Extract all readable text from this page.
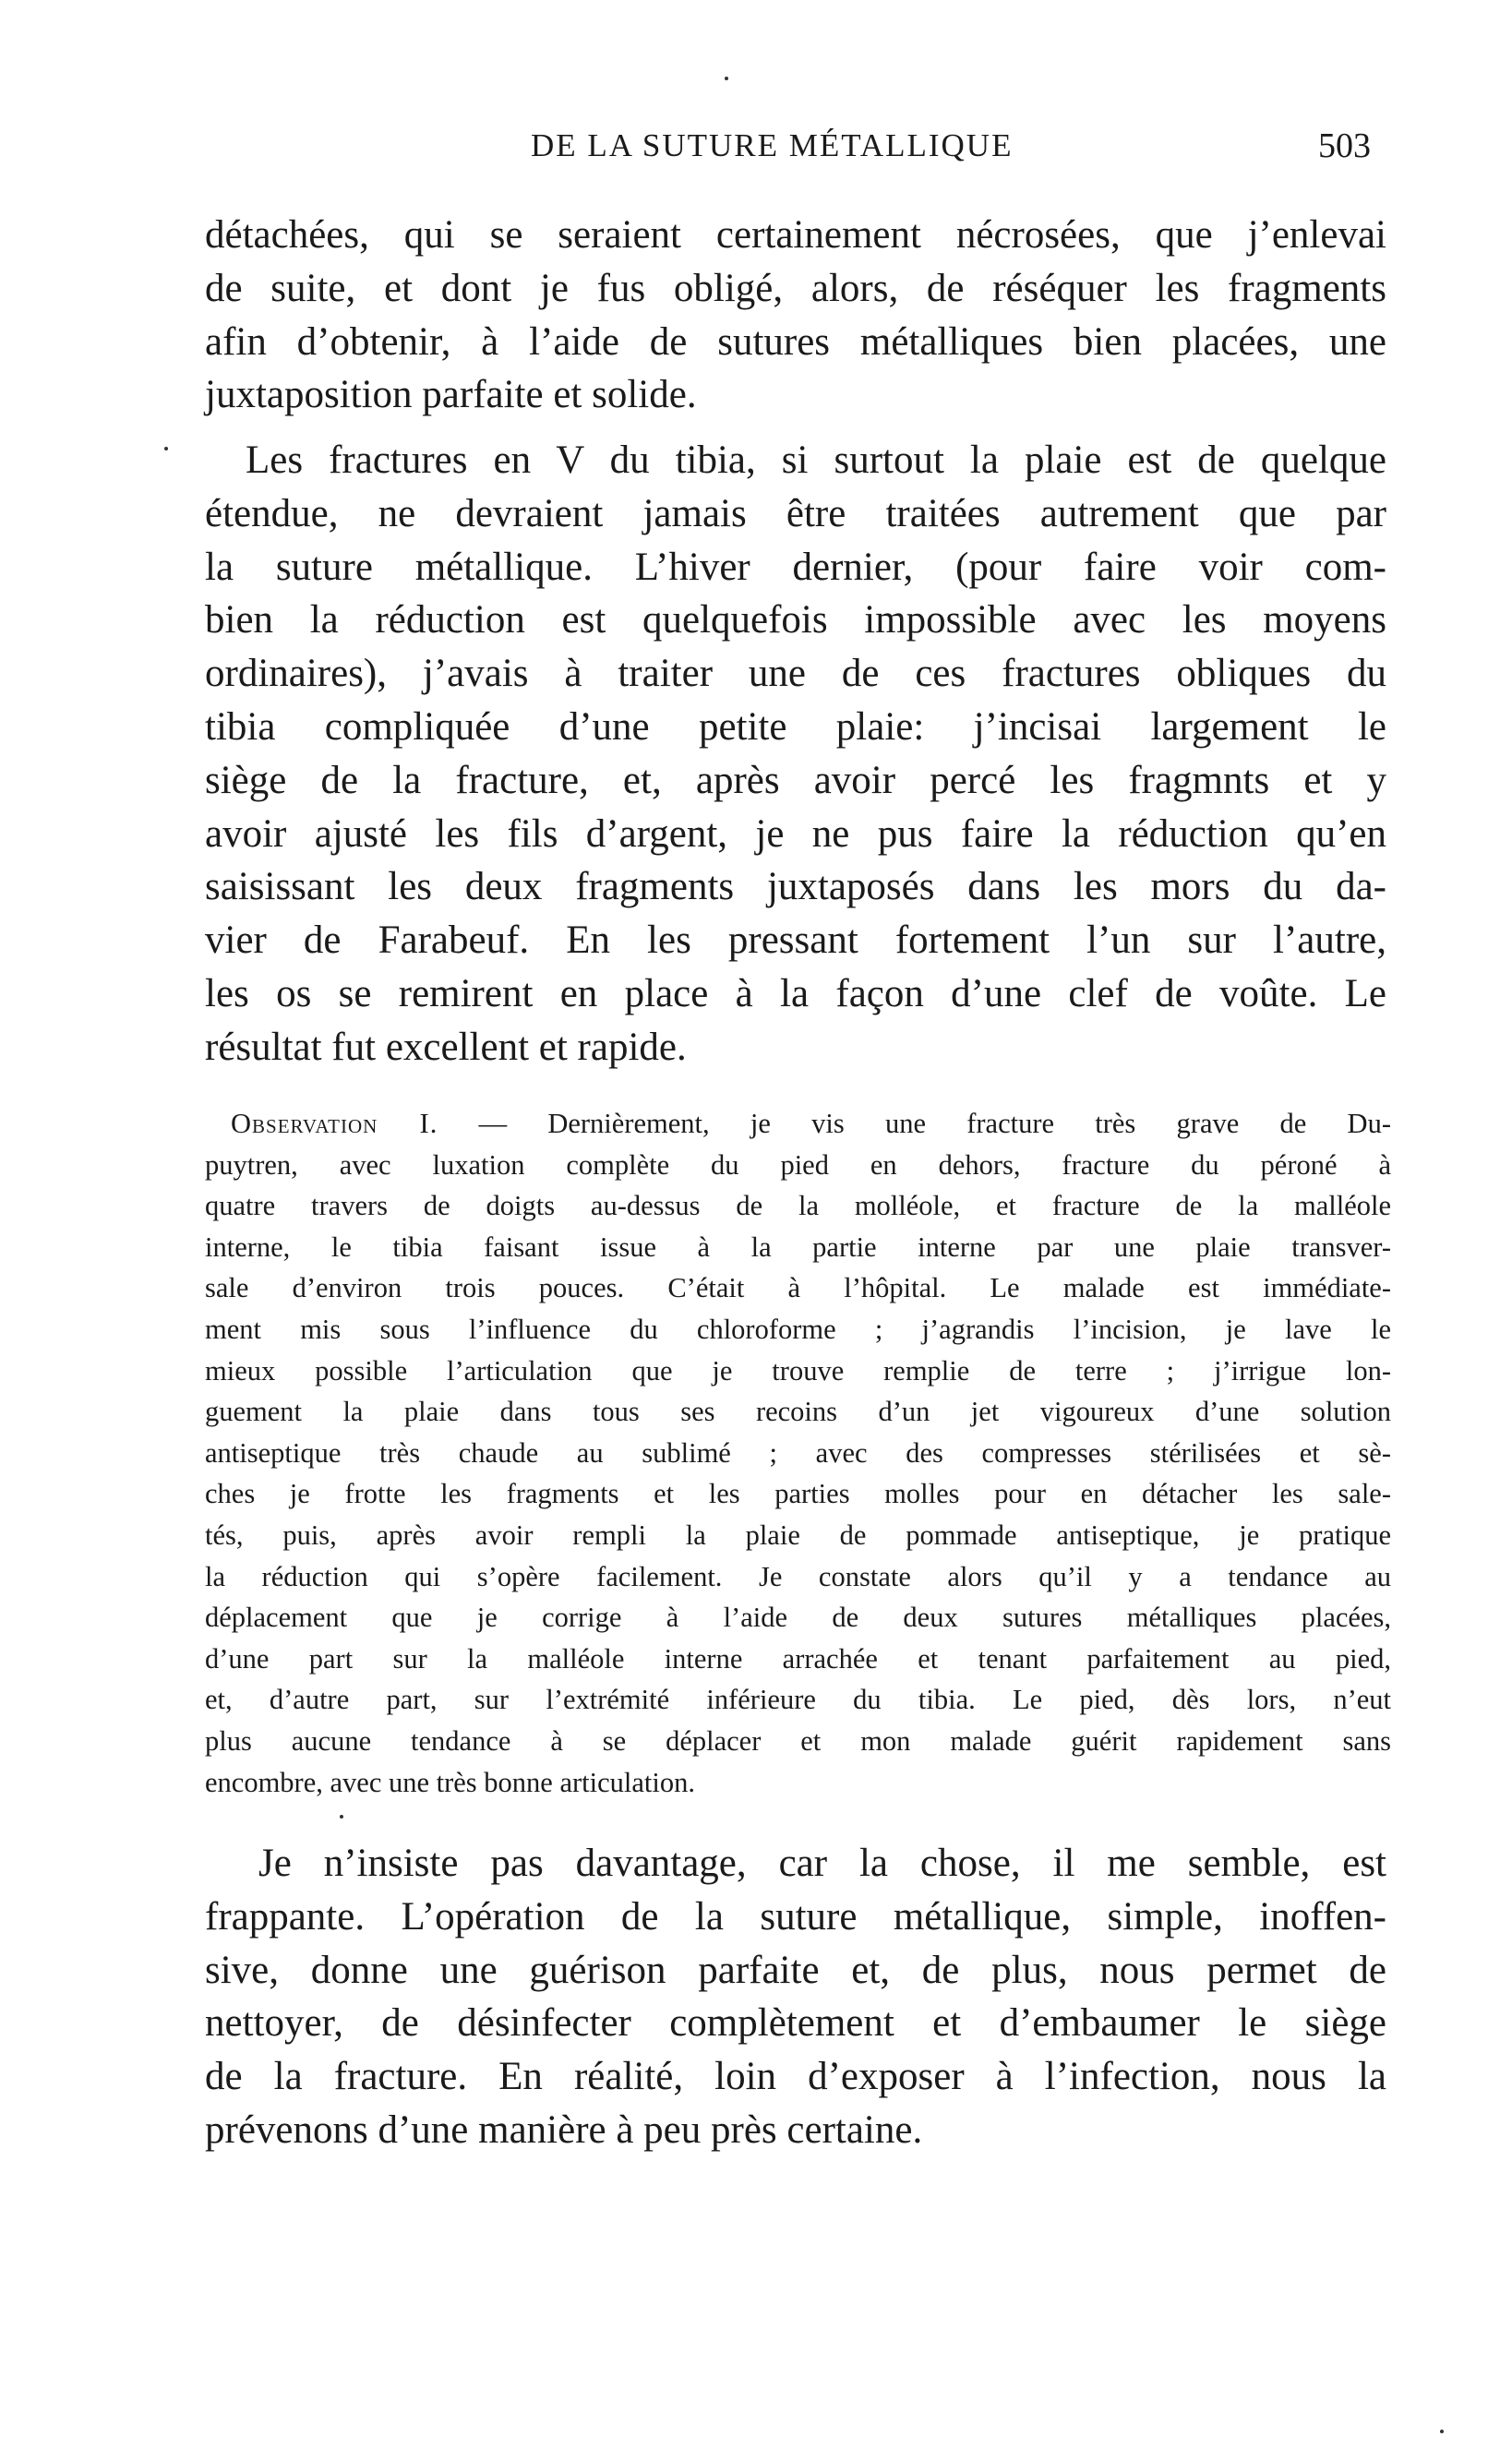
DE LA SUTURE MÉTALLIQUE	503

détachées, qui se seraient certainement nécrosées, que j’enlevai
de suite, et dont je fus obligé, alors, de réséquer les fragments
afin d’obtenir, à l’aide de sutures métalliques bien placées, une
juxtaposition parfaite et solide.

Les fractures en V du tibia, si surtout la plaie est de quelque
étendue, ne devraient jamais être traitées autrement que par
la suture métallique. L’hiver dernier, (pour faire voir com-
bien la réduction est quelquefois impossible avec les moyens
ordinaires), j’avais à traiter une de ces fractures obliques du
tibia compliquée d’une petite plaie: j’incisai largement le
siège de la fracture, et, après avoir percé les fragmnts et y
avoir ajusté les fils d’argent, je ne pus faire la réduction qu’en
saisissant les deux fragments juxtaposés dans les mors du da-
vier de Farabeuf. En les pressant fortement l’un sur l’autre,
les os se remirent en place à la façon d’une clef de voûte. Le
résultat fut excellent et rapide.

Observation I. — Dernièrement, je vis une fracture très grave de Du-
puytren, avec luxation complète du pied en dehors, fracture du péroné à
quatre travers de doigts au-dessus de la molléole, et fracture de la malléole
interne, le tibia faisant issue à la partie interne par une plaie transver-
sale d’environ trois pouces. C’était à l’hôpital. Le malade est immédiate-
ment mis sous l’influence du chloroforme ; j’agrandis l’incision, je lave le
mieux possible l’articulation que je trouve remplie de terre ; j’irrigue lon-
guement la plaie dans tous ses recoins d’un jet vigoureux d’une solution
antiseptique très chaude au sublimé ; avec des compresses stérilisées et sè-
ches je frotte les fragments et les parties molles pour en détacher les sale-
tés, puis, après avoir rempli la plaie de pommade antiseptique, je pratique
la réduction qui s’opère facilement. Je constate alors qu’il y a tendance au
déplacement que je corrige à l’aide de deux sutures métalliques placées,
d’une part sur la malléole interne arrachée et tenant parfaitement au pied,
et, d’autre part, sur l’extrémité inférieure du tibia. Le pied, dès lors, n’eut
plus aucune tendance à se déplacer et mon malade guérit rapidement sans
encombre, avec une très bonne articulation.

Je n’insiste pas davantage, car la chose, il me semble, est
frappante. L’opération de la suture métallique, simple, inoffen-
sive, donne une guérison parfaite et, de plus, nous permet de
nettoyer, de désinfecter complètement et d’embaumer le siège
de la fracture. En réalité, loin d’exposer à l’infection, nous la
prévenons d’une manière à peu près certaine.
